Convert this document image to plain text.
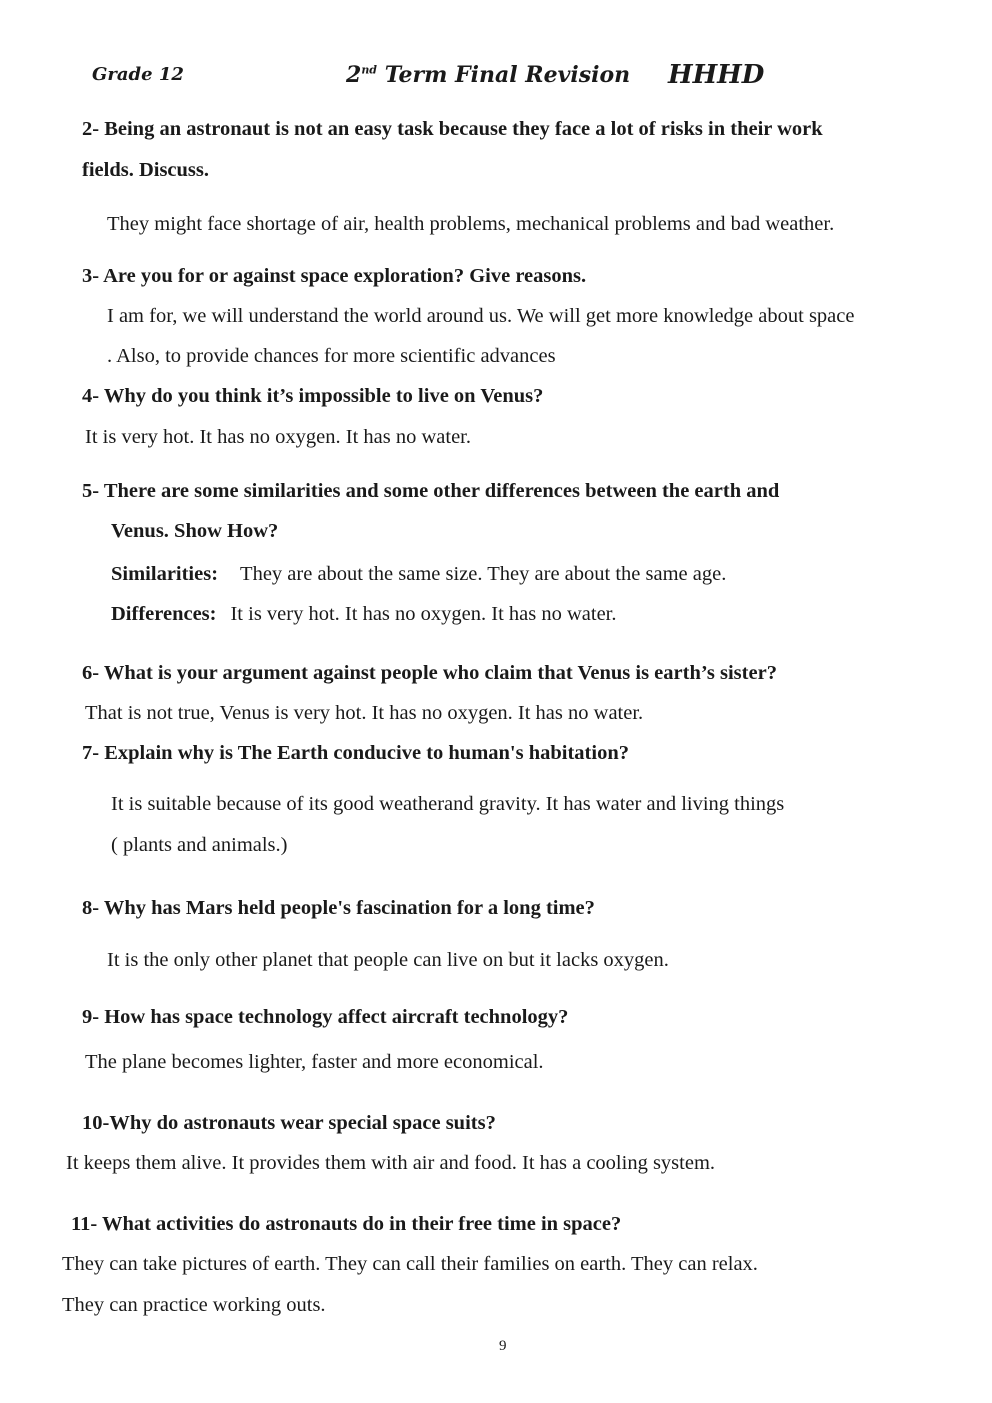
Grade 12	2nd Term Final Revision HHHD
2- Being an astronaut is not an easy task because they face a lot of risks in their work
fields. Discuss.
They might face shortage of air, health problems, mechanical problems and bad weather.
3- Are you for or against space exploration? Give reasons.
I am for, we will understand the world around us. We will get more knowledge about space
. Also, to provide chances for more scientific advances
4- Why do you think it’s impossible to live on Venus?
It is very hot. It has no oxygen. It has no water.
5- There are some similarities and some other differences between the earth and
Venus. Show How?
Similarities: They are about the same size. They are about the same age.
Differences: It is very hot. It has no oxygen. It has no water.
6- What is your argument against people who claim that Venus is earth’s sister?
That is not true, Venus is very hot. It has no oxygen. It has no water.
7- Explain why is The Earth conducive to human's habitation?
It is suitable because of its good weatherand gravity. It has water and living things
( plants and animals.)
8- Why has Mars held people's fascination for a long time?
It is the only other planet that people can live on but it lacks oxygen.
9- How has space technology affect aircraft technology?
The plane becomes lighter, faster and more economical.
10-Why do astronauts wear special space suits?
It keeps them alive. It provides them with air and food. It has a cooling system.
11- What activities do astronauts do in their free time in space?
They can take pictures of earth. They can call their families on earth. They can relax.
They can practice working outs.
9
